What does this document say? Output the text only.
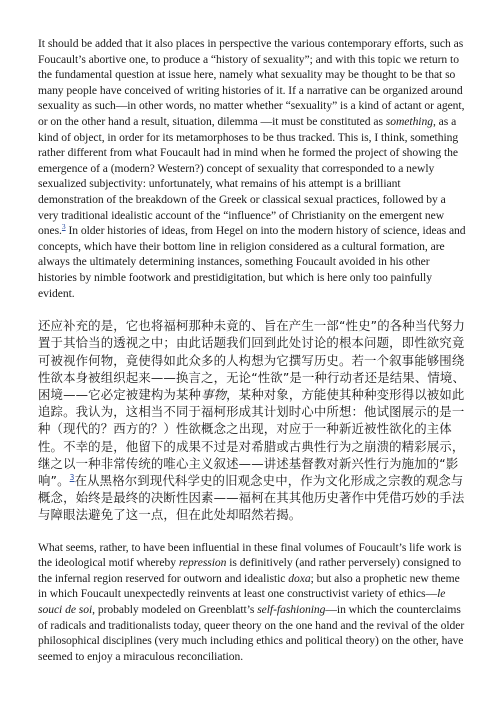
It should be added that it also places in perspective the various contemporary efforts, such as Foucault’s abortive one, to produce a “history of sexuality”; and with this topic we return to the fundamental question at issue here, namely what sexuality may be thought to be that so many people have conceived of writing histories of it. If a narrative can be organized around sexuality as such—in other words, no matter whether “sexuality” is a kind of actant or agent, or on the other hand a result, situation, dilemma —it must be constituted as something, as a kind of object, in order for its metamorphoses to be thus tracked. This is, I think, something rather different from what Foucault had in mind when he formed the project of showing the emergence of a (modern? Western?) concept of sexuality that corresponded to a newly sexualized subjectivity: unfortunately, what remains of his attempt is a brilliant demonstration of the breakdown of the Greek or classical sexual practices, followed by a very traditional idealistic account of the “influence” of Christianity on the emergent new ones.$^3$ In older histories of ideas, from Hegel on into the modern history of science, ideas and concepts, which have their bottom line in religion considered as a cultural formation, are always the ultimately determining instances, something Foucault avoided in his other histories by nimble footwork and prestidigitation, but which is here only too painfully evident.

还应补充的是，它也将福柯那种未竟的、旨在产生一部“性史”的各种当代努力置于其恰当的透视之中；由此话题我们回到此处讨论的根本问题，即性欲究竟可被视作何物，竟使得如此众多的人构想为它撰写历史。若一个叙事能够围绕性欲本身被组织起来——换言之，无论“性欲”是一种行动者还是结果、情境、困境——它必定被建构为某种事物，某种对象，方能使其种种变形得以被如此追踪。我认为，这相当不同于福柯形成其计划时心中所想：他试图展示的是一种（现代的？西方的？）性欲概念之出现，对应于一种新近被性欲化的主体性。不幸的是，他留下的成果不过是对希腊或古典性行为之崩溃的精彩展示，继之以一种非常传统的唯心主义叙述——讲述基督教对新兴性行为施加的“影响”。$^3$在从黑格尔到现代科学史的旧观念史中，作为文化形成之宗教的观念与概念，始终是最终的决断性因素——福柯在其其他历史著作中凭借巧妙的手法与障眼法避免了这一点，但在此处却昭然若揭。

What seems, rather, to have been influential in these final volumes of Foucault’s life work is the ideological motif whereby repression is definitively (and rather perversely) consigned to the infernal region reserved for outworn and idealistic doxa; but also a prophetic new theme in which Foucault unexpectedly reinvents at least one constructivist variety of ethics—le souci de soi, probably modeled on Greenblatt’s self-fashioning—in which the counterclaims of radicals and traditionalists today, queer theory on the one hand and the revival of the older philosophical disciplines (very much including ethics and political theory) on the other, have seemed to enjoy a miraculous reconciliation.
